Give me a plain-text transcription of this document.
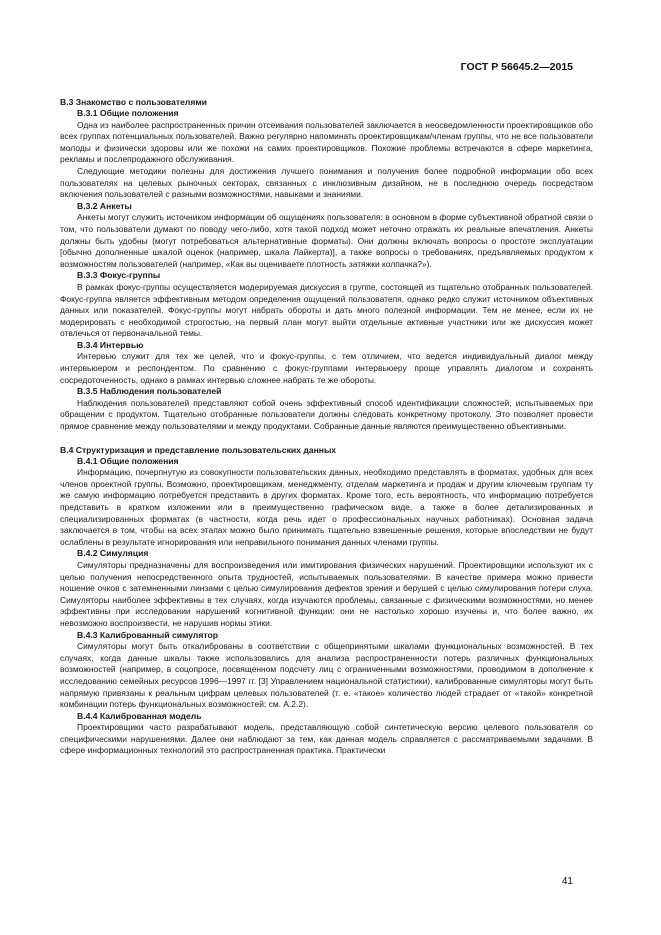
ГОСТ Р 56645.2—2015
B.3 Знакомство с пользователями
B.3.1 Общие положения

Одна из наиболее распространенных причин отсеивания пользователей заключается в неосведомленности проектировщиков обо всех группах потенциальных пользователей. Важно регулярно напоминать проектировщикам/членам группы, что не все пользователи молоды и физически здоровы или же похожи на самих проектировщиков. Похожие проблемы встречаются в сфере маркетинга, рекламы и послепродажного обслуживания.

Следующие методики полезны для достижения лучшего понимания и получения более подробной информации обо всех пользователях на целевых рыночных секторах, связанных с инклюзивным дизайном, не в последнюю очередь посредством включения пользователей с разными возможностями, навыками и знаниями.

B.3.2 Анкеты

Анкеты могут служить источником информации об ощущениях пользователя: в основном в форме субъективной обратной связи о том, что пользователи думают по поводу чего-либо, хотя такой подход может неточно отражать их реальные впечатления. Анкеты должны быть удобны (могут потребоваться альтернативные форматы). Они должны включать вопросы о простоте эксплуатации [обычно дополненные шкалой оценок (например, шкала Лайкерта)], а также вопросы о требованиях, предъявляемых продуктом к возможностям пользователей (например, «Как вы оцениваете плотность затяжки колпачка?»).

B.3.3 Фокус-группы

В рамках фокус-группы осуществляется модерируемая дискуссия в группе, состоящей из тщательно отобранных пользователей. Фокус-группа является эффективным методом определения ощущений пользователя, однако редко служит источником объективных данных или показателей. Фокус-группы могут набрать обороты и дать много полезной информации. Тем не менее, если их не модерировать с необходимой строгостью, на первый план могут выйти отдельные активные участники или же дискуссия может отвлечься от первоначальной темы.

B.3.4 Интервью

Интервью служит для тех же целей, что и фокус-группы, с тем отличием, что ведется индивидуальный диалог между интервьюером и респондентом. По сравнению с фокус-группами интервьюеру проще управлять диалогом и сохранять сосредоточенность, однако в рамках интервью сложнее набрать те же обороты.

B.3.5 Наблюдения пользователей

Наблюдения пользователей представляют собой очень эффективный способ идентификации сложностей, испытываемых при обращении с продуктом. Тщательно отобранные пользователи должны следовать конкретному протоколу. Это позволяет провести прямое сравнение между пользователями и между продуктами. Собранные данные являются преимущественно объективными.

B.4 Структуризация и представление пользовательских данных
B.4.1 Общие положения

Информацию, почерпнутую из совокупности пользовательских данных, необходимо представлять в форматах, удобных для всех членов проектной группы. Возможно, проектировщикам, менеджменту, отделам маркетинга и продаж и другим ключевым группам ту же самую информацию потребуется представить в других форматах. Кроме того, есть вероятность, что информацию потребуется представить в кратком изложении или в преимущественно графическом виде, а также в более детализированных и специализированных форматах (в частности, когда речь идет о профессиональных научных работниках). Основная задача заключается в том, чтобы на всех этапах можно было принимать тщательно взвешенные решения, которые впоследствии не будут ослаблены в результате игнорирования или неправильного понимания данных членами группы.

B.4.2 Симуляция

Симуляторы предназначены для воспроизведения или имитирования физических нарушений. Проектировщики используют их с целью получения непосредственного опыта трудностей, испытываемых пользователями. В качестве примера можно привести ношение очков с затемненными линзами с целью симулирования дефектов зрения и берушей с целью симулирования потери слуха. Симуляторы наиболее эффективны в тех случаях, когда изучаются проблемы, связанные с физическими возможностями, но менее эффективны при исследовании нарушений когнитивной функции: они не настолько хорошо изучены и, что более важно, их невозможно воспроизвести, не нарушив нормы этики.

B.4.3 Калиброванный симулятор

Симуляторы могут быть откалиброваны в соответствии с общепринятыми шкалами функциональных возможностей. В тех случаях, когда данные шкалы также использовались для анализа распространенности потерь различных функциональных возможностей (например, в соцопросе, посвященном подсчету лиц с ограниченными возможностями, проводимом в дополнение к исследованию семейных ресурсов 1996—1997 гг. [3] Управлением национальной статистики), калиброванные симуляторы могут быть напрямую привязаны к реальным цифрам целевых пользователей (т. е. «такое» количество людей страдает от «такой» конкретной комбинации потерь функциональных возможностей; см. A.2.2).

B.4.4 Калиброванная модель

Проектировщики часто разрабатывают модель, представляющую собой синтетическую версию целевого пользователя со специфическими нарушениями. Далее они наблюдают за тем, как данная модель справляется с рассматриваемыми задачами. В сфере информационных технологий это распространенная практика. Практически

41
